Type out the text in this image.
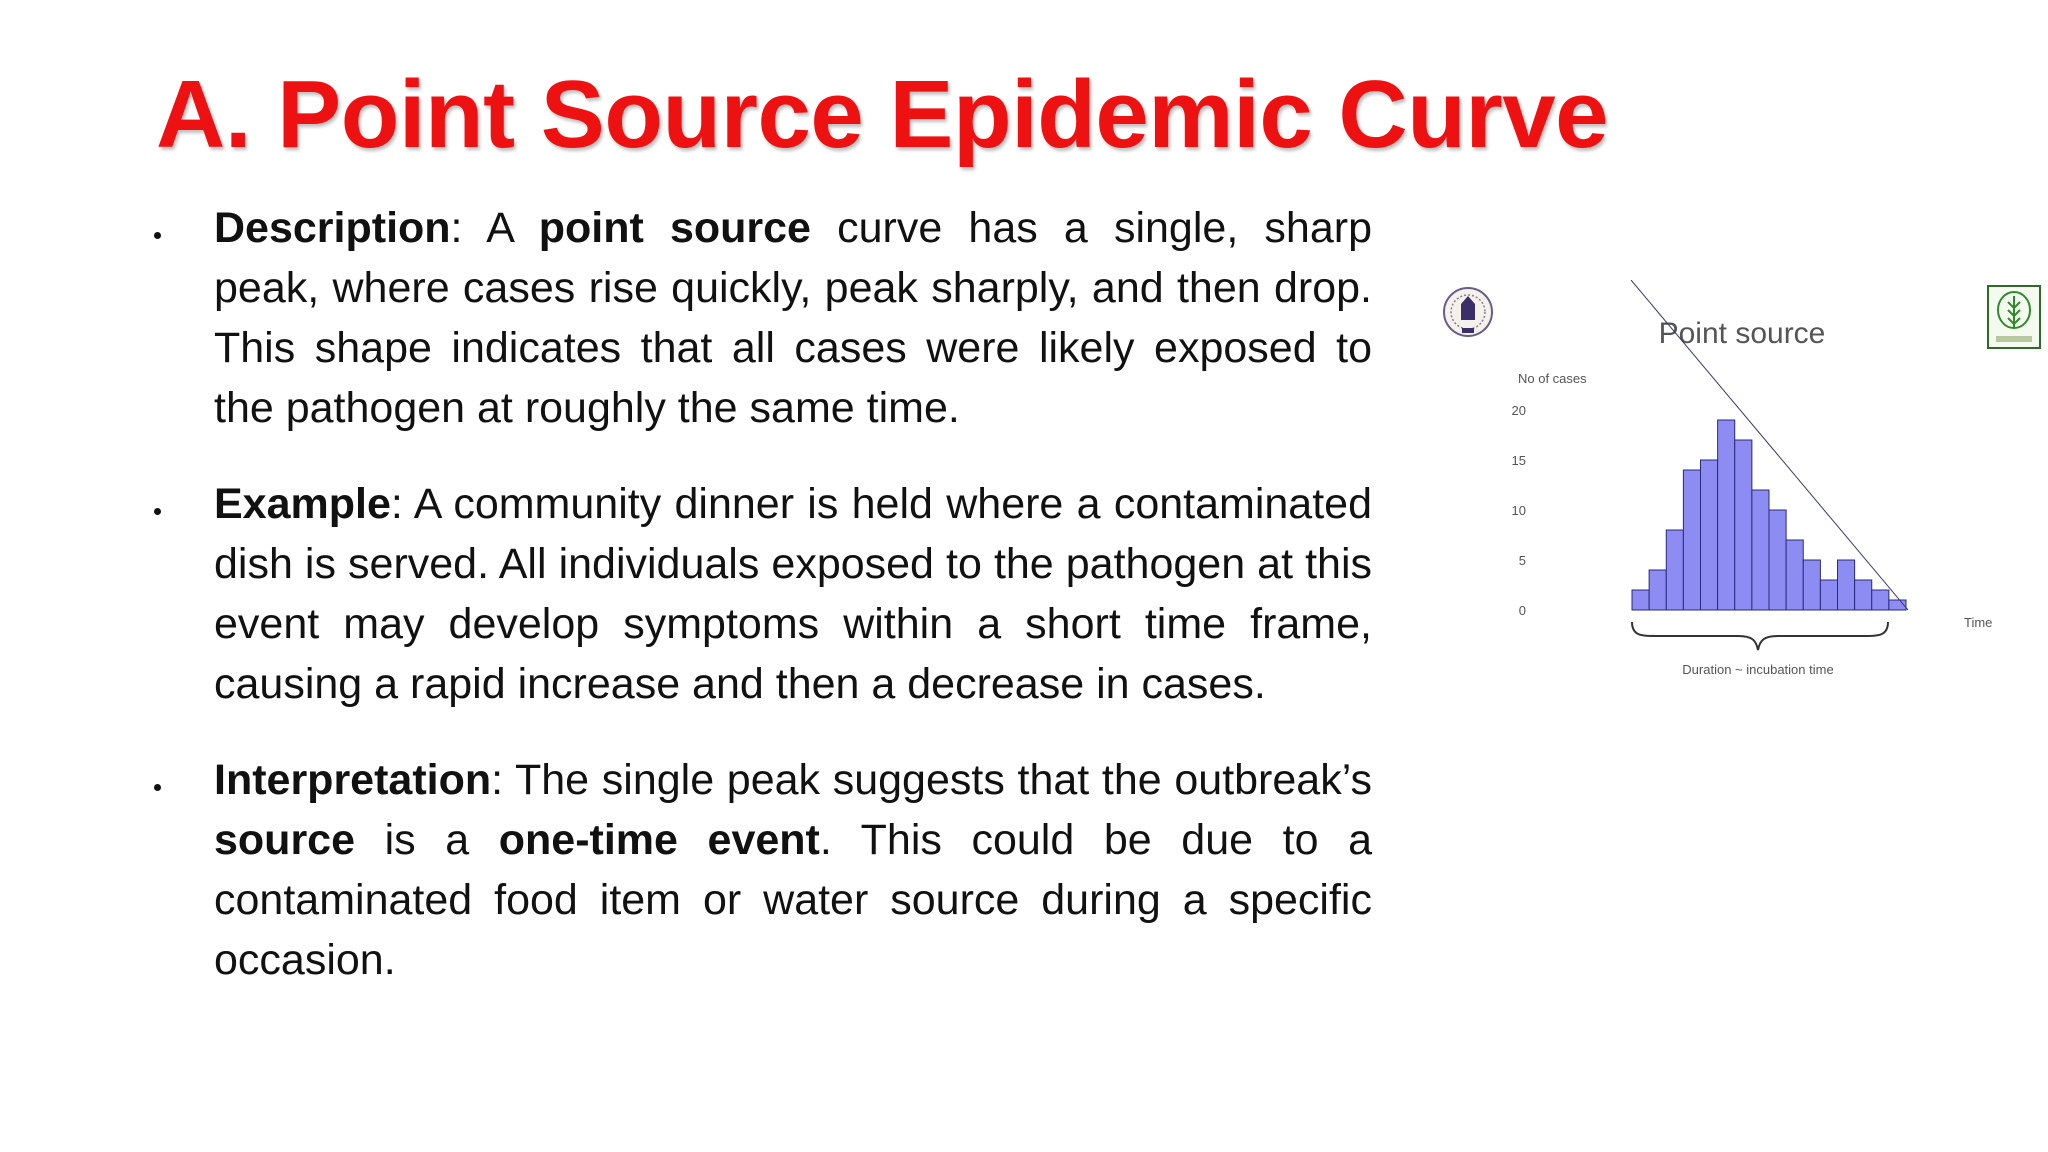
A. Point Source Epidemic Curve
Description: A point source curve has a single, sharp peak, where cases rise quickly, peak sharply, and then drop. This shape indicates that all cases were likely exposed to the pathogen at roughly the same time.
Example: A community dinner is held where a contaminated dish is served. All individuals exposed to the pathogen at this event may develop symptoms within a short time frame, causing a rapid increase and then a decrease in cases.
Interpretation: The single peak suggests that the outbreak’s source is a one-time event. This could be due to a contaminated food item or water source during a specific occasion.
Point source
No of cases
Time
20
15
10
5
0
Duration ~ incubation time
